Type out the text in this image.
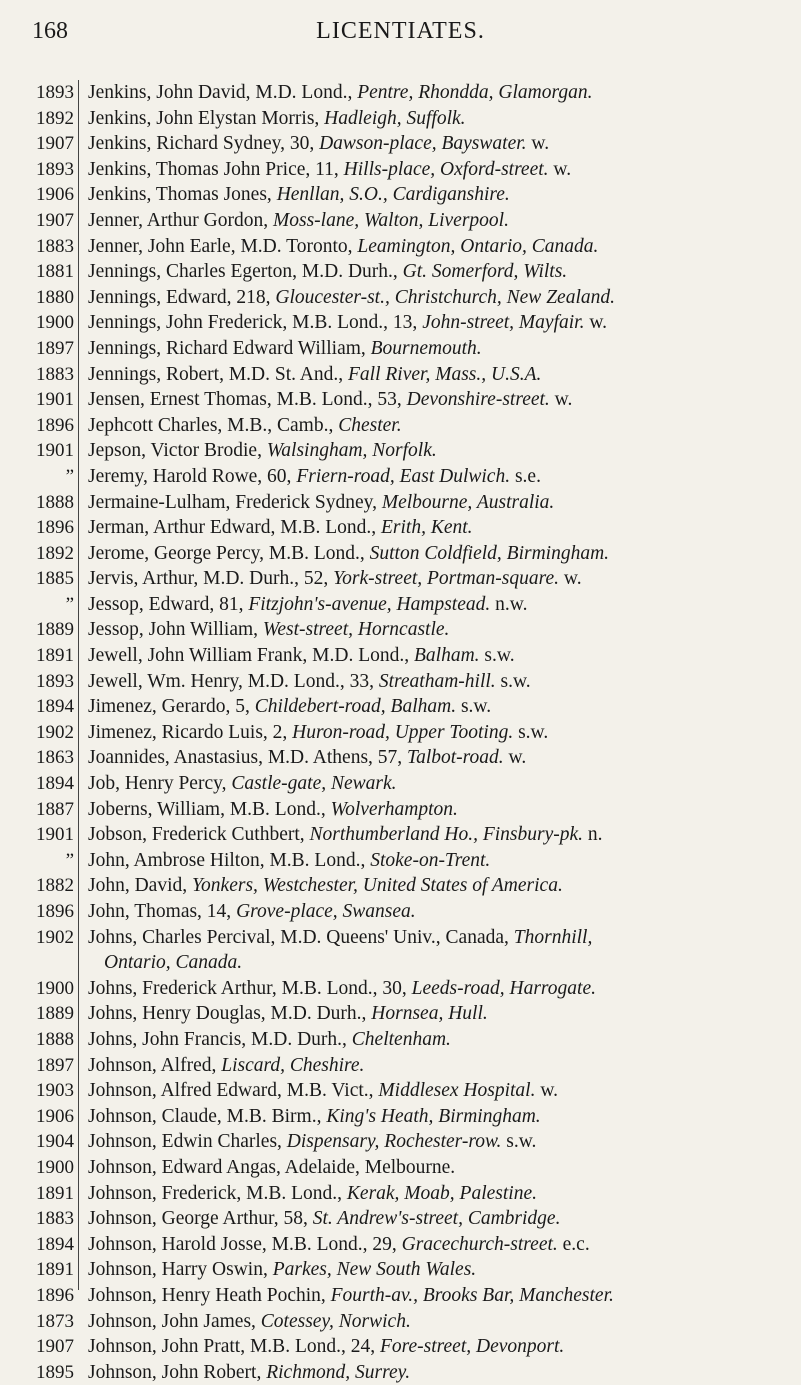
168	LICENTIATES.
1893
1892
1907
1893
1906
1907
1883
1881
1880
1900
1897
1883
1901
1896
1901
”
1888
1896
1892
1885
”
1889
1891
1893
1894
1902
1863
1894
1887
1901
”
1882
1896
1902
1900
1889
1888
1897
1903
1906
1904
1900
1891
1883
1894
1891
1896
1873
1907
1895
Jenkins, John David, M.D. Lond., Pentre, Rhondda, Glamorgan.
Jenkins, John Elystan Morris, Hadleigh, Suffolk.
Jenkins, Richard Sydney, 30, Dawson-place, Bayswater. w.
Jenkins, Thomas John Price, 11, Hills-place, Oxford-street. w.
Jenkins, Thomas Jones, Henllan, S.O., Cardiganshire.
Jenner, Arthur Gordon, Moss-lane, Walton, Liverpool.
Jenner, John Earle, M.D. Toronto, Leamington, Ontario, Canada.
Jennings, Charles Egerton, M.D. Durh., Gt. Somerford, Wilts.
Jennings, Edward, 218, Gloucester-st., Christchurch, New Zealand.
Jennings, John Frederick, M.B. Lond., 13, John-street, Mayfair. w.
Jennings, Richard Edward William, Bournemouth.
Jennings, Robert, M.D. St. And., Fall River, Mass., U.S.A.
Jensen, Ernest Thomas, M.B. Lond., 53, Devonshire-street. w.
Jephcott Charles, M.B., Camb., Chester.
Jepson, Victor Brodie, Walsingham, Norfolk.
Jeremy, Harold Rowe, 60, Friern-road, East Dulwich. s.e.
Jermaine-Lulham, Frederick Sydney, Melbourne, Australia.
Jerman, Arthur Edward, M.B. Lond., Erith, Kent.
Jerome, George Percy, M.B. Lond., Sutton Coldfield, Birmingham.
Jervis, Arthur, M.D. Durh., 52, York-street, Portman-square. w.
Jessop, Edward, 81, Fitzjohn's-avenue, Hampstead. n.w.
Jessop, John William, West-street, Horncastle.
Jewell, John William Frank, M.D. Lond., Balham. s.w.
Jewell, Wm. Henry, M.D. Lond., 33, Streatham-hill. s.w.
Jimenez, Gerardo, 5, Childebert-road, Balham. s.w.
Jimenez, Ricardo Luis, 2, Huron-road, Upper Tooting. s.w.
Joannides, Anastasius, M.D. Athens, 57, Talbot-road. w.
Job, Henry Percy, Castle-gate, Newark.
Joberns, William, M.B. Lond., Wolverhampton.
Jobson, Frederick Cuthbert, Northumberland Ho., Finsbury-pk. n.
John, Ambrose Hilton, M.B. Lond., Stoke-on-Trent.
John, David, Yonkers, Westchester, United States of America.
John, Thomas, 14, Grove-place, Swansea.
Johns, Charles Percival, M.D. Queens' Univ., Canada, Thornhill,
Ontario, Canada.
Johns, Frederick Arthur, M.B. Lond., 30, Leeds-road, Harrogate.
Johns, Henry Douglas, M.D. Durh., Hornsea, Hull.
Johns, John Francis, M.D. Durh., Cheltenham.
Johnson, Alfred, Liscard, Cheshire.
Johnson, Alfred Edward, M.B. Vict., Middlesex Hospital. w.
Johnson, Claude, M.B. Birm., King's Heath, Birmingham.
Johnson, Edwin Charles, Dispensary, Rochester-row. s.w.
Johnson, Edward Angas, Adelaide, Melbourne.
Johnson, Frederick, M.B. Lond., Kerak, Moab, Palestine.
Johnson, George Arthur, 58, St. Andrew's-street, Cambridge.
Johnson, Harold Josse, M.B. Lond., 29, Gracechurch-street. e.c.
Johnson, Harry Oswin, Parkes, New South Wales.
Johnson, Henry Heath Pochin, Fourth-av., Brooks Bar, Manchester.
Johnson, John James, Cotessey, Norwich.
Johnson, John Pratt, M.B. Lond., 24, Fore-street, Devonport.
Johnson, John Robert, Richmond, Surrey.
